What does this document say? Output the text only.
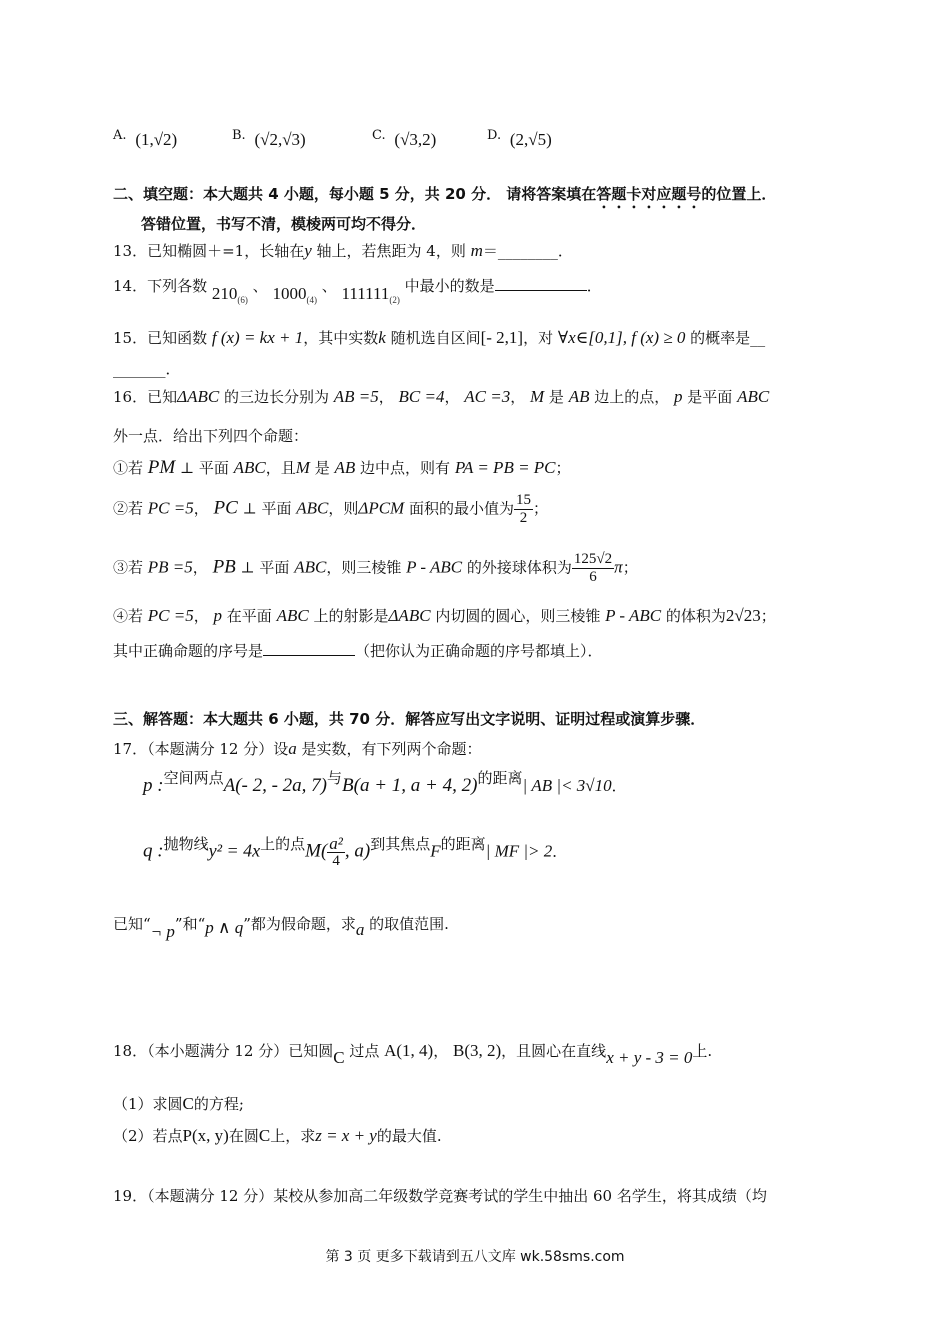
A. (1,√2)	B. (√2,√3)	C. (√3,2)	D. (2,√5)
二、填空题：本大题共 4 小题，每小题 5 分，共 20 分． 请将答案填在答题卡对应题号的位置上．
答错位置，书写不清，模棱两可均不得分．
13．已知椭圆＋=1，长轴在y 轴上，若焦距为 4，则 m＝________．
14．下列各数 $210_{(6)}$ 、 $1000_{(4)}$ 、 $111111_{(2)}$ 中最小的数是	．
15．已知函数 f (x) = kx + 1，其中实数k 随机选自区间[- 2,1]，对 ∀x∈[0,1], f (x) ≥ 0 的概率是__
_______．
16．已知ΔABC 的三边长分别为 AB =5， BC =4， AC =3， M 是 AB 边上的点， p 是平面 ABC
外一点．给出下列四个命题：
①若 PM ⊥ 平面 ABC，且M 是 AB 边中点，则有 PA = PB = PC；
②若 PC =5， PC ⊥ 平面 ABC，则ΔPCM 面积的最小值为 $\frac{15}{2}$ ；
③若 PB =5， PB ⊥ 平面 ABC，则三棱锥 P - ABC 的外接球体积为 $\frac{125√2}{6}$ π；
④若 PC =5， p 在平面 ABC 上的射影是ΔABC 内切圆的圆心，则三棱锥 P - ABC 的体积为2√23；
其中正确命题的序号是	（把你认为正确命题的序号都填上）．
三、解答题：本大题共 6 小题，共 70 分．解答应写出文字说明、证明过程或演算步骤．
17．（本题满分 12 分）设a 是实数，有下列两个命题：
p :空间两点A(- 2, - 2a, 7)与B(a + 1, a + 4, 2)的距离| AB |< 3√10．
q :抛物线y² = 4x上的点$M( \frac{\text{a²}}{4}$ , a)到其焦点F的距离| MF |> 2．
已知“¬ p”和“p ∧ q”都为假命题，求a 的取值范围.
18．（本小题满分 12 分）已知圆C 过点 A(1, 4)， B(3, 2)，且圆心在直线x + y - 3 = 0上.
（1）求圆C的方程;
（2）若点P(x, y)在圆C上，求z = x + y的最大值.
19．（本题满分 12 分）某校从参加高二年级数学竞赛考试的学生中抽出 60 名学生，将其成绩（均
第 3 页 更多下载请到五八文库 wk.58sms.com
